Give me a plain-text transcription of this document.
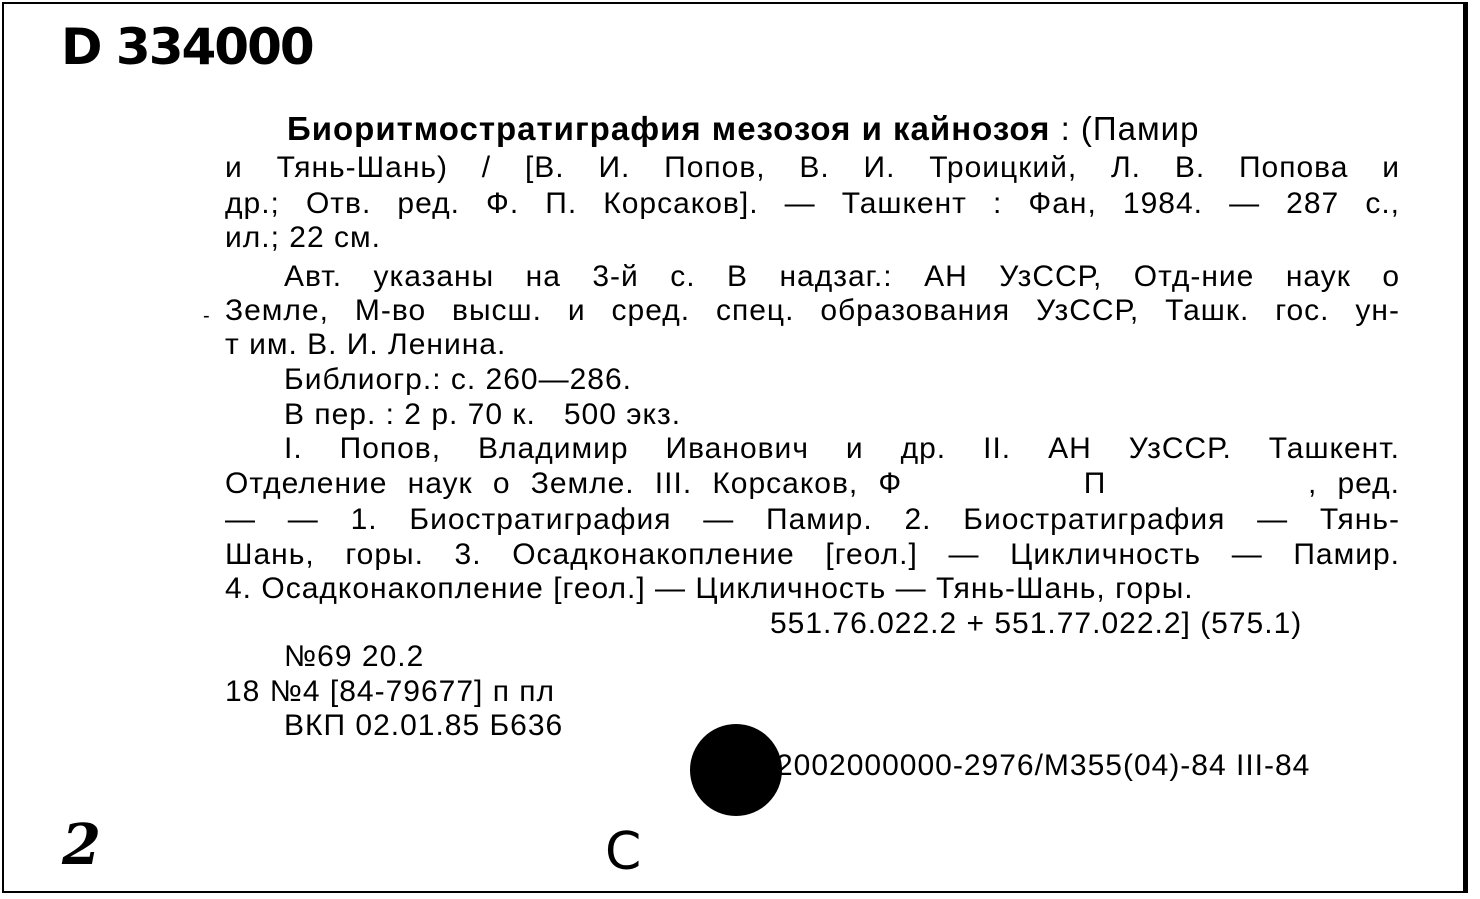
D 334000
Биоритмостратиграфия мезозоя и кайнозоя : (Памир
и Тянь-Шань) / [В. И. Попов, В. И. Троицкий, Л. В. Попова и
др.; Отв. ред. Ф. П. Корсаков]. — Ташкент : Фан, 1984. — 287 с.,
ил.; 22 см.
Авт. указаны на 3-й с. В надзаг.: АН УзССР, Отд-ние наук о
- Земле, М-во высш. и сред. спец. образования УзССР, Ташк. гос. ун-
т им. В. И. Ленина.
Библиогр.: с. 260—286.
В пер. : 2 р. 70 к.   500 экз.
I. Попов, Владимир Иванович и др. II. АН УзССР. Ташкент.
Отделение наук о Земле. III. Корсаков, Ф         П          , ред.
— — 1. Биостратиграфия — Памир. 2. Биостратиграфия — Тянь-
Шань, горы. 3. Осадконакопление [геол.] — Цикличность — Памир.
4. Осадконакопление [геол.] — Цикличность — Тянь-Шань, горы.
551.76.022.2 + 551.77.022.2] (575.1)
№69 20.2
18 №4 [84-79677] п пл
ВКП 02.01.85 Б636
2002000000-2976/М355(04)-84 III-84
2	C
